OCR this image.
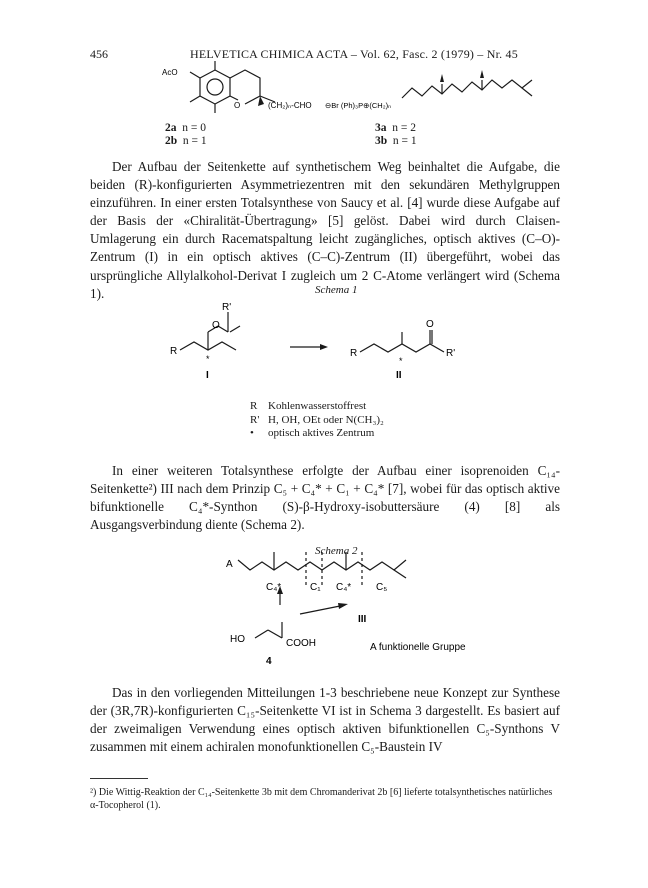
456	HELVETICA CHIMICA ACTA – Vol. 62, Fasc. 2 (1979) – Nr. 45
AcO
O	(CH₂)ₙ-CHO ⊖Br (Ph)₃P⊕(CH₂)ₙ
2a n = 0
2b n = 1
3a n = 2
3b n = 1

Der Aufbau der Seitenkette auf synthetischem Weg beinhaltet die Aufgabe, die beiden (R)-konfigurierten Asymmetriezentren mit den sekundären Methylgruppen einzuführen. In einer ersten Totalsynthese von Saucy et al. [4] wurde diese Aufgabe auf der Basis der «Chiralität-Übertragung» [5] gelöst. Dabei wird durch Claisen-Umlagerung ein durch Racematspaltung leicht zugängliches, optisch aktives (C–O)-Zentrum (I) in ein optisch aktives (C–C)-Zentrum (II) übergeführt, wobei das ursprüngliche Allylalkohol-Derivat I zugleich um 2 C-Atome verlängert wird (Schema 1).	Schema 1
R'
O
R
*	R
*
O
R'
I	II
R Kohlenwasserstoffrest
R' H, OH, OEt oder N(CH₃)₂
• optisch aktives Zentrum

In einer weiteren Totalsynthese erfolgte der Aufbau einer isoprenoiden C₁₄-Seitenkette²) III nach dem Prinzip C₅ + C₄* + C₁ + C₄* [7], wobei für das optisch aktive bifunktionelle C₄*-Synthon (S)-β-Hydroxy-isobuttersäure (4) [8] als Ausgangsverbindung diente (Schema 2).

Schema 2
A
C₄*	C₁ C₄* C₅
III
HO	COOH
4
A funktionelle Gruppe

Das in den vorliegenden Mitteilungen 1-3 beschriebene neue Konzept zur Synthese der (3R,7R)-konfigurierten C₁₅-Seitenkette VI ist in Schema 3 dargestellt. Es basiert auf der zweimaligen Verwendung eines optisch aktiven bifunktionellen C₅-Synthons V zusammen mit einem achiralen monofunktionellen C₅-Baustein IV

²) Die Wittig-Reaktion der C₁₄-Seitenkette 3b mit dem Chromanderivat 2b [6] lieferte totalsynthetisches natürliches α-Tocopherol (1).
